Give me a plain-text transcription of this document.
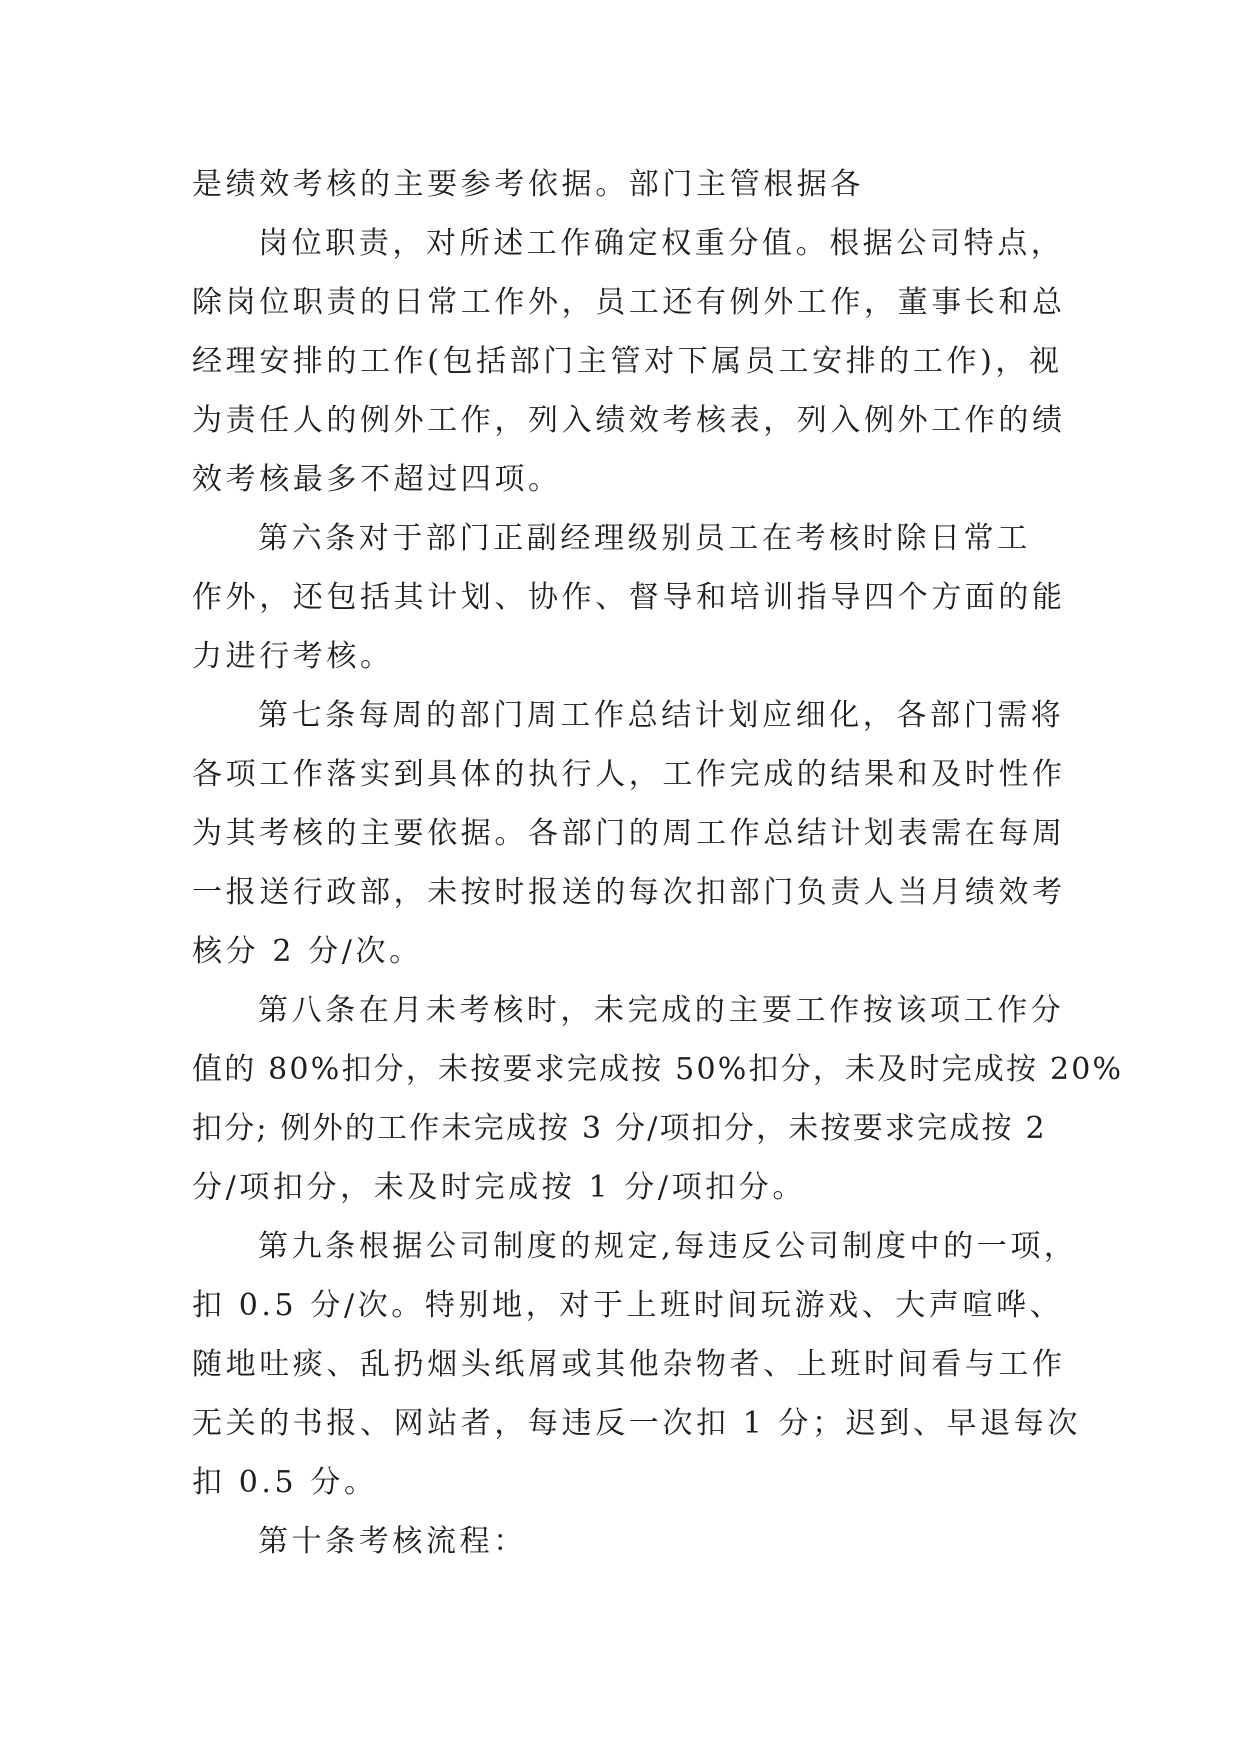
是绩效考核的主要参考依据。部门主管根据各
岗位职责，对所述工作确定权重分值。根据公司特点，
除岗位职责的日常工作外，员工还有例外工作，董事长和总
经理安排的工作(包括部门主管对下属员工安排的工作)，视
为责任人的例外工作，列入绩效考核表，列入例外工作的绩
效考核最多不超过四项。
第六条对于部门正副经理级别员工在考核时除日常工
作外，还包括其计划、协作、督导和培训指导四个方面的能
力进行考核。
第七条每周的部门周工作总结计划应细化，各部门需将
各项工作落实到具体的执行人，工作完成的结果和及时性作
为其考核的主要依据。各部门的周工作总结计划表需在每周
一报送行政部，未按时报送的每次扣部门负责人当月绩效考
核分 2 分/次。
第八条在月未考核时，未完成的主要工作按该项工作分
值的 80%扣分，未按要求完成按 50%扣分，未及时完成按 20%
扣分; 例外的工作未完成按 3 分/项扣分，未按要求完成按 2
分/项扣分，未及时完成按 1 分/项扣分。
第九条根据公司制度的规定,每违反公司制度中的一项，
扣 0.5 分/次。特别地，对于上班时间玩游戏、大声喧哗、
随地吐痰、乱扔烟头纸屑或其他杂物者、上班时间看与工作
无关的书报、网站者，每违反一次扣 1 分；迟到、早退每次
扣 0.5 分。
第十条考核流程：
